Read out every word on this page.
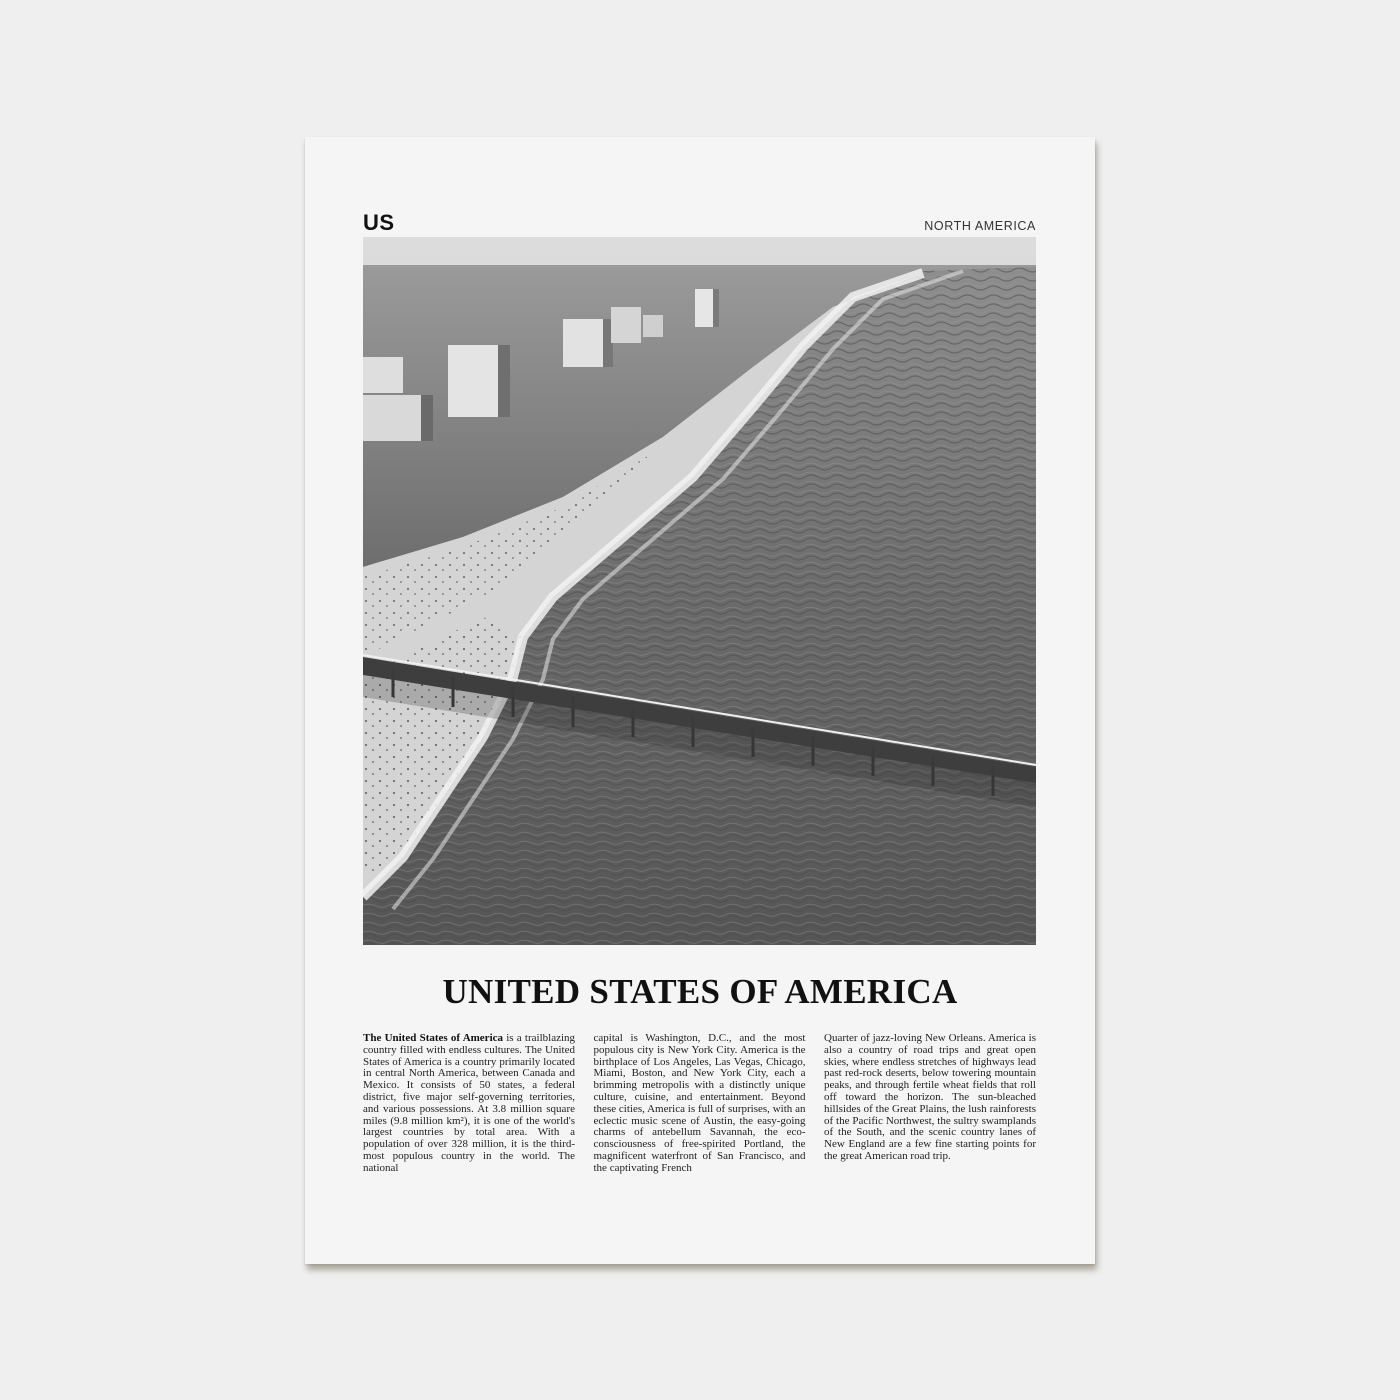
US	NORTH AMERICA
UNITED STATES OF AMERICA
The United States of America is a trailblazing country filled with endless cultures. The United States of America is a country primarily located in central North America, between Canada and Mexico. It consists of 50 states, a federal district, five major self-governing territories, and various possessions. At 3.8 million square miles (9.8 million km²), it is one of the world's largest countries by total area. With a population of over 328 million, it is the third-most populous country in the world. The national
capital is Washington, D.C., and the most populous city is New York City. America is the birthplace of Los Angeles, Las Vegas, Chicago, Miami, Boston, and New York City, each a brimming metropolis with a distinctly unique culture, cuisine, and entertainment. Beyond these cities, America is full of surprises, with an eclectic music scene of Austin, the easy-going charms of antebellum Savannah, the eco-consciousness of free-spirited Portland, the magnificent waterfront of San Francisco, and the captivating French
Quarter of jazz-loving New Orleans. America is also a country of road trips and great open skies, where endless stretches of highways lead past red-rock deserts, below towering mountain peaks, and through fertile wheat fields that roll off toward the horizon. The sun-bleached hillsides of the Great Plains, the lush rainforests of the Pacific Northwest, the sultry swamplands of the South, and the scenic country lanes of New England are a few fine starting points for the great American road trip.
